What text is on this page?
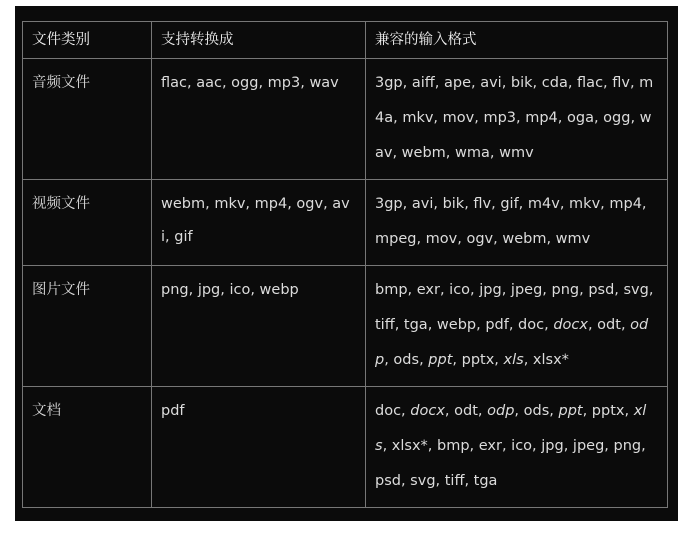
文件类别	支持转换成	兼容的输入格式
音频文件	flac, aac, ogg, mp3, wav	3gp, aiff, ape, avi, bik, cda, flac, flv, m4a, mkv, mov, mp3, mp4, oga, ogg, wav, webm, wma, wmv
视频文件	webm, mkv, mp4, ogv, avi, gif	3gp, avi, bik, flv, gif, m4v, mkv, mp4, mpeg, mov, ogv, webm, wmv
图片文件	png, jpg, ico, webp	bmp, exr, ico, jpg, jpeg, png, psd, svg, tiff, tga, webp, pdf, doc, docx, odt, odp, ods, ppt, pptx, xls, xlsx*
文档	pdf	doc, docx, odt, odp, ods, ppt, pptx, xls, xlsx*, bmp, exr, ico, jpg, jpeg, png, psd, svg, tiff, tga
